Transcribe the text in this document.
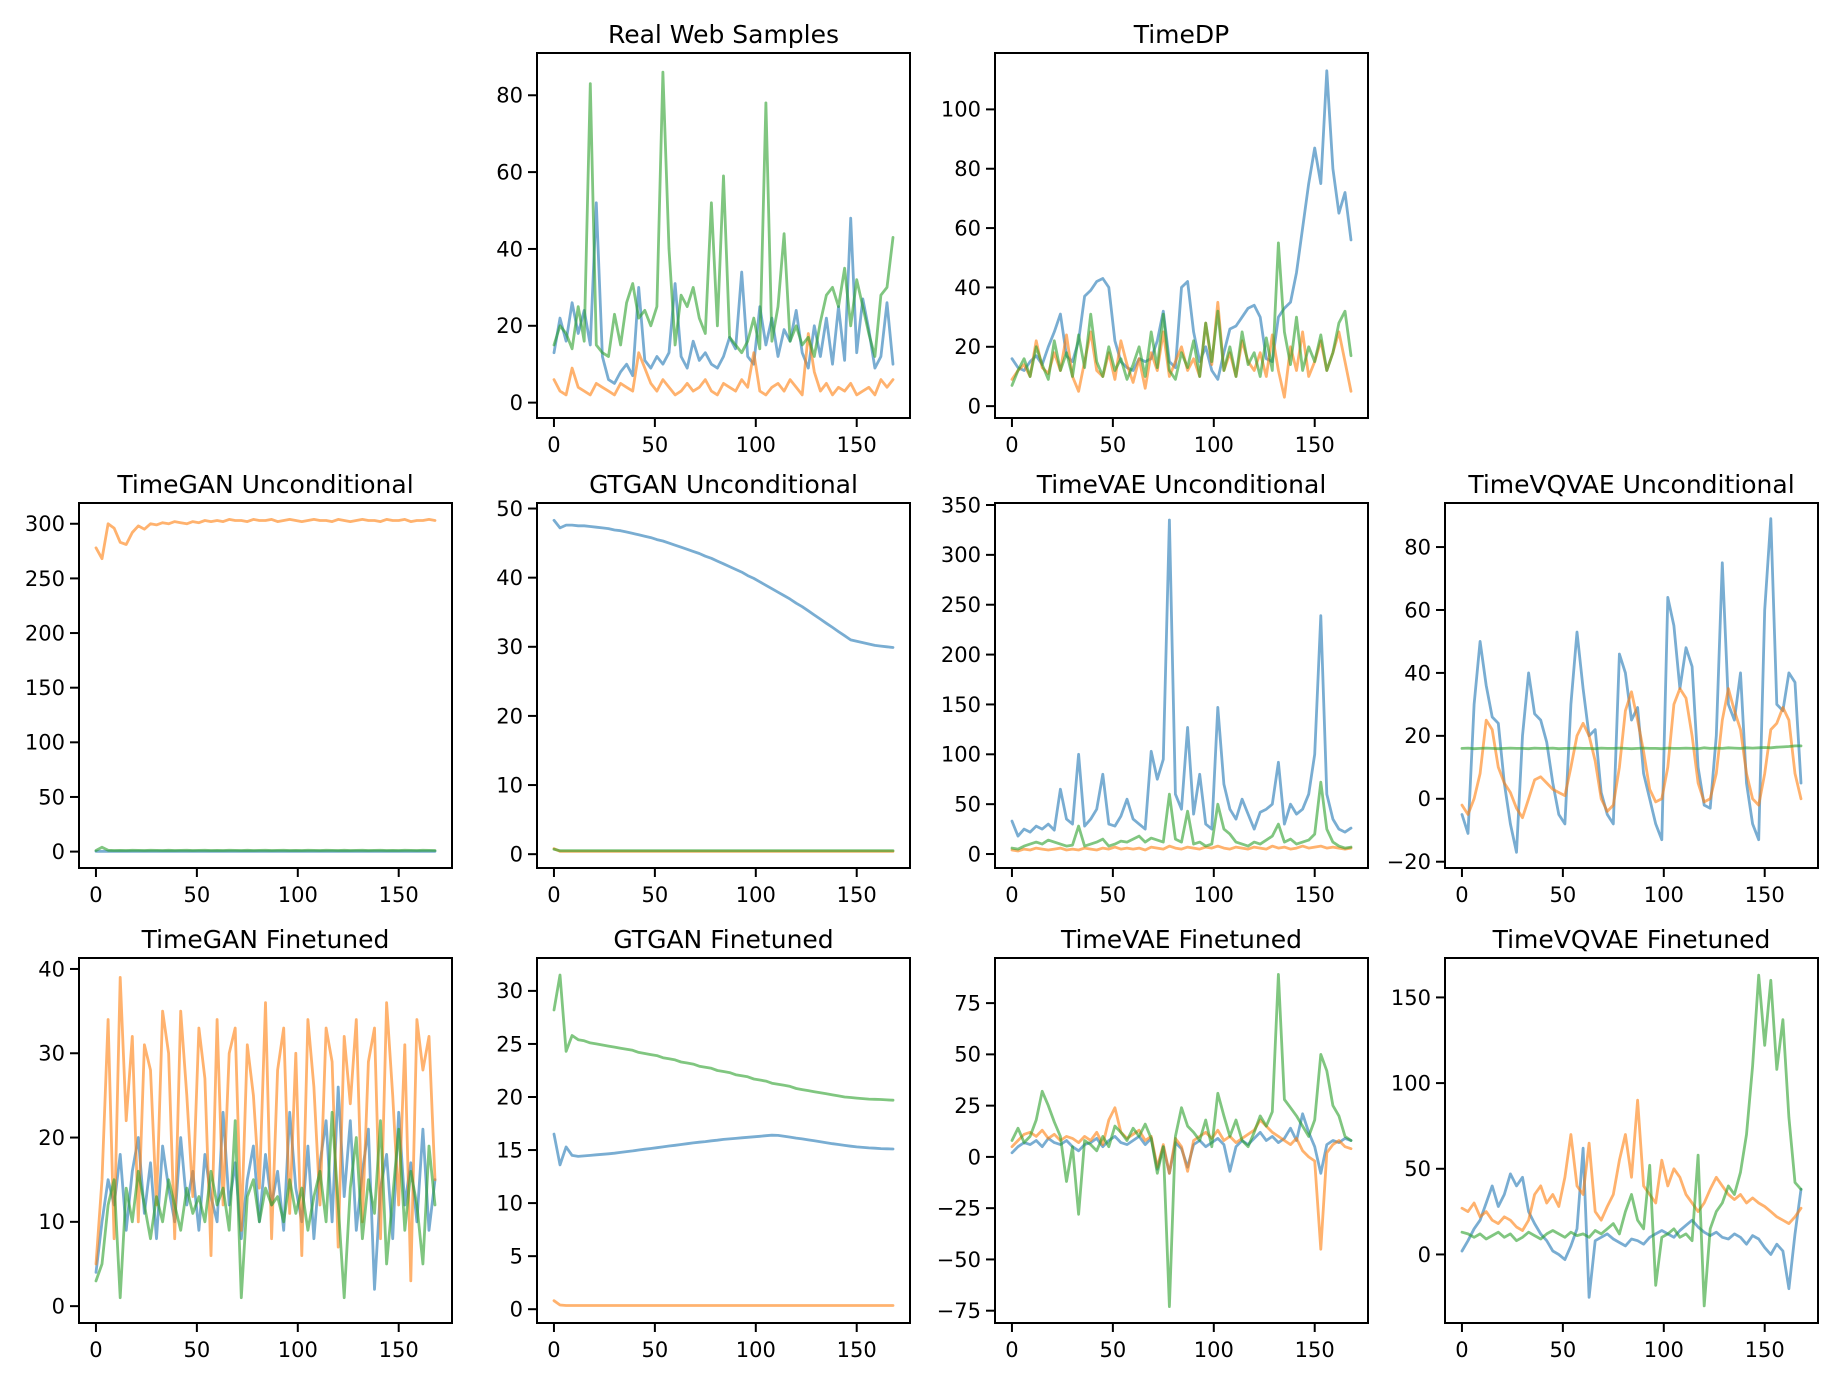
0	50	100	150
0
20
40
60
80
Real Web Samples
0	50	100	150
0
20
40
60
80
100
TimeDP
0	50	100	150
0
50
100
150
200
250
300
TimeGAN Unconditional
0	50	100	150
0
10
20
30
40
50
GTGAN Unconditional
0	50	100	150
0
50
100
150
200
250
300
350
TimeVAE Unconditional
0	50	100	150
−20
0
20
40
60
80
TimeVQVAE Unconditional
0	50	100	150
0
10
20
30
40
TimeGAN Finetuned
0	50	100	150
0
5
10
15
20
25
30
GTGAN Finetuned
0	50	100	150
−75
−50
−25
0
25
50
75
TimeVAE Finetuned
0	50	100	150
0
50
100
150
TimeVQVAE Finetuned
